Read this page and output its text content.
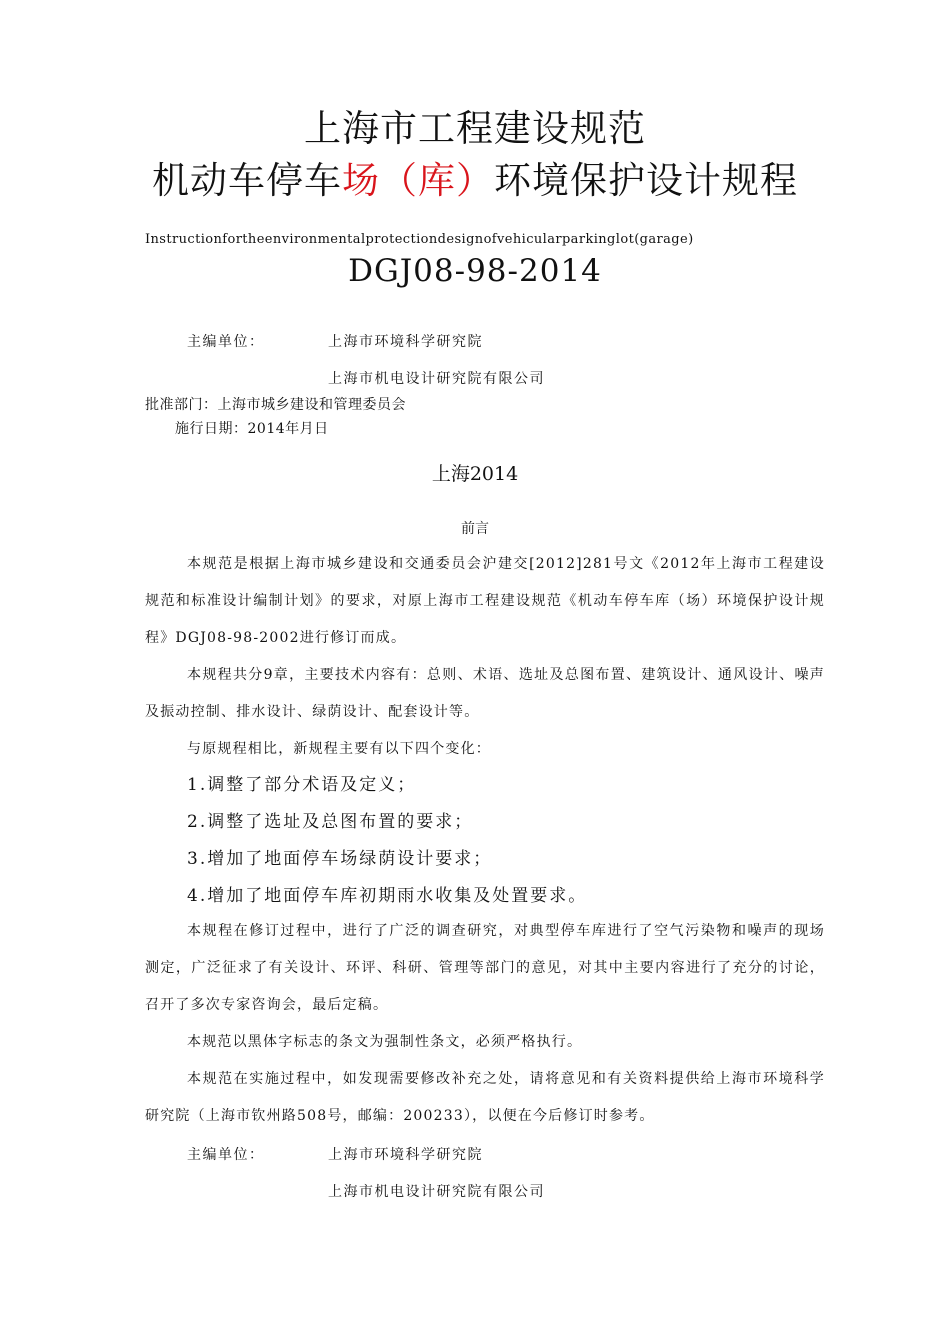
上海市工程建设规范
机动车停车场（库）环境保护设计规程
Instructionfortheenvironmentalprotectiondesignofvehicularparkinglot(garage)
DGJ08-98-2014
主编单位：	上海市环境科学研究院
上海市机电设计研究院有限公司
批准部门：上海市城乡建设和管理委员会
施行日期：2014年月日
上海2014
前言
本规范是根据上海市城乡建设和交通委员会沪建交[2012]281号文《2012年上海市工程建设规范和标准设计编制计划》的要求，对原上海市工程建设规范《机动车停车库（场）环境保护设计规程》DGJ08-98-2002进行修订而成。
本规程共分9章，主要技术内容有：总则、术语、选址及总图布置、建筑设计、通风设计、噪声及振动控制、排水设计、绿荫设计、配套设计等。
与原规程相比，新规程主要有以下四个变化：
1.调整了部分术语及定义；
2.调整了选址及总图布置的要求；
3.增加了地面停车场绿荫设计要求；
4.增加了地面停车库初期雨水收集及处置要求。
本规程在修订过程中，进行了广泛的调查研究，对典型停车库进行了空气污染物和噪声的现场测定，广泛征求了有关设计、环评、科研、管理等部门的意见，对其中主要内容进行了充分的讨论，召开了多次专家咨询会，最后定稿。
本规范以黑体字标志的条文为强制性条文，必须严格执行。
本规范在实施过程中，如发现需要修改补充之处，请将意见和有关资料提供给上海市环境科学研究院（上海市钦州路508号，邮编：200233），以便在今后修订时参考。
主编单位：	上海市环境科学研究院
上海市机电设计研究院有限公司
